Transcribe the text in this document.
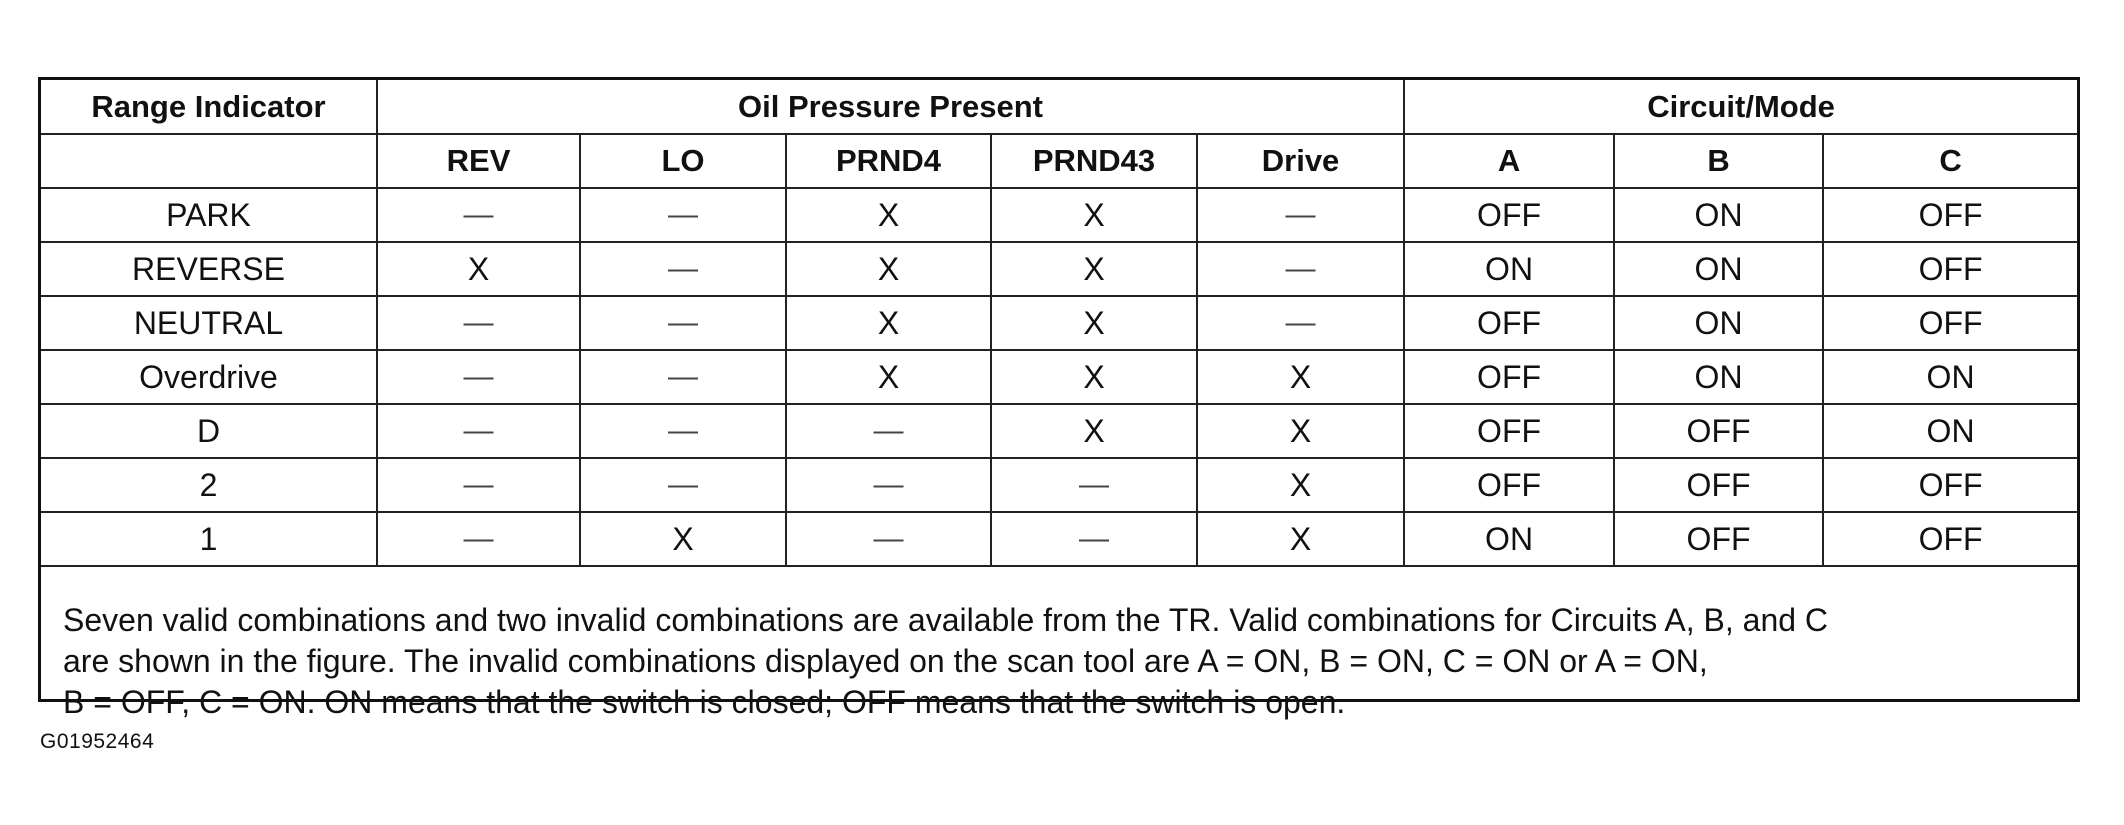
Range Indicator	Oil Pressure Present					Circuit/Mode		
	REV	LO	PRND4	PRND43	Drive	A	B	C
PARK	—	—	X	X	—	OFF	ON	OFF
REVERSE	X	—	X	X	—	ON	ON	OFF
NEUTRAL	—	—	X	X	—	OFF	ON	OFF
Overdrive	—	—	X	X	X	OFF	ON	ON
D	—	—	—	X	X	OFF	OFF	ON
2	—	—	—	—	X	OFF	OFF	OFF
1	—	X	—	—	X	ON	OFF	OFF
Seven valid combinations and two invalid combinations are available from the TR. Valid combinations for Circuits A, B, and C
are shown in the figure. The invalid combinations displayed on the scan tool are A = ON, B = ON, C = ON or A = ON,
B = OFF, C = ON. ON means that the switch is closed; OFF means that the switch is open.
G01952464
